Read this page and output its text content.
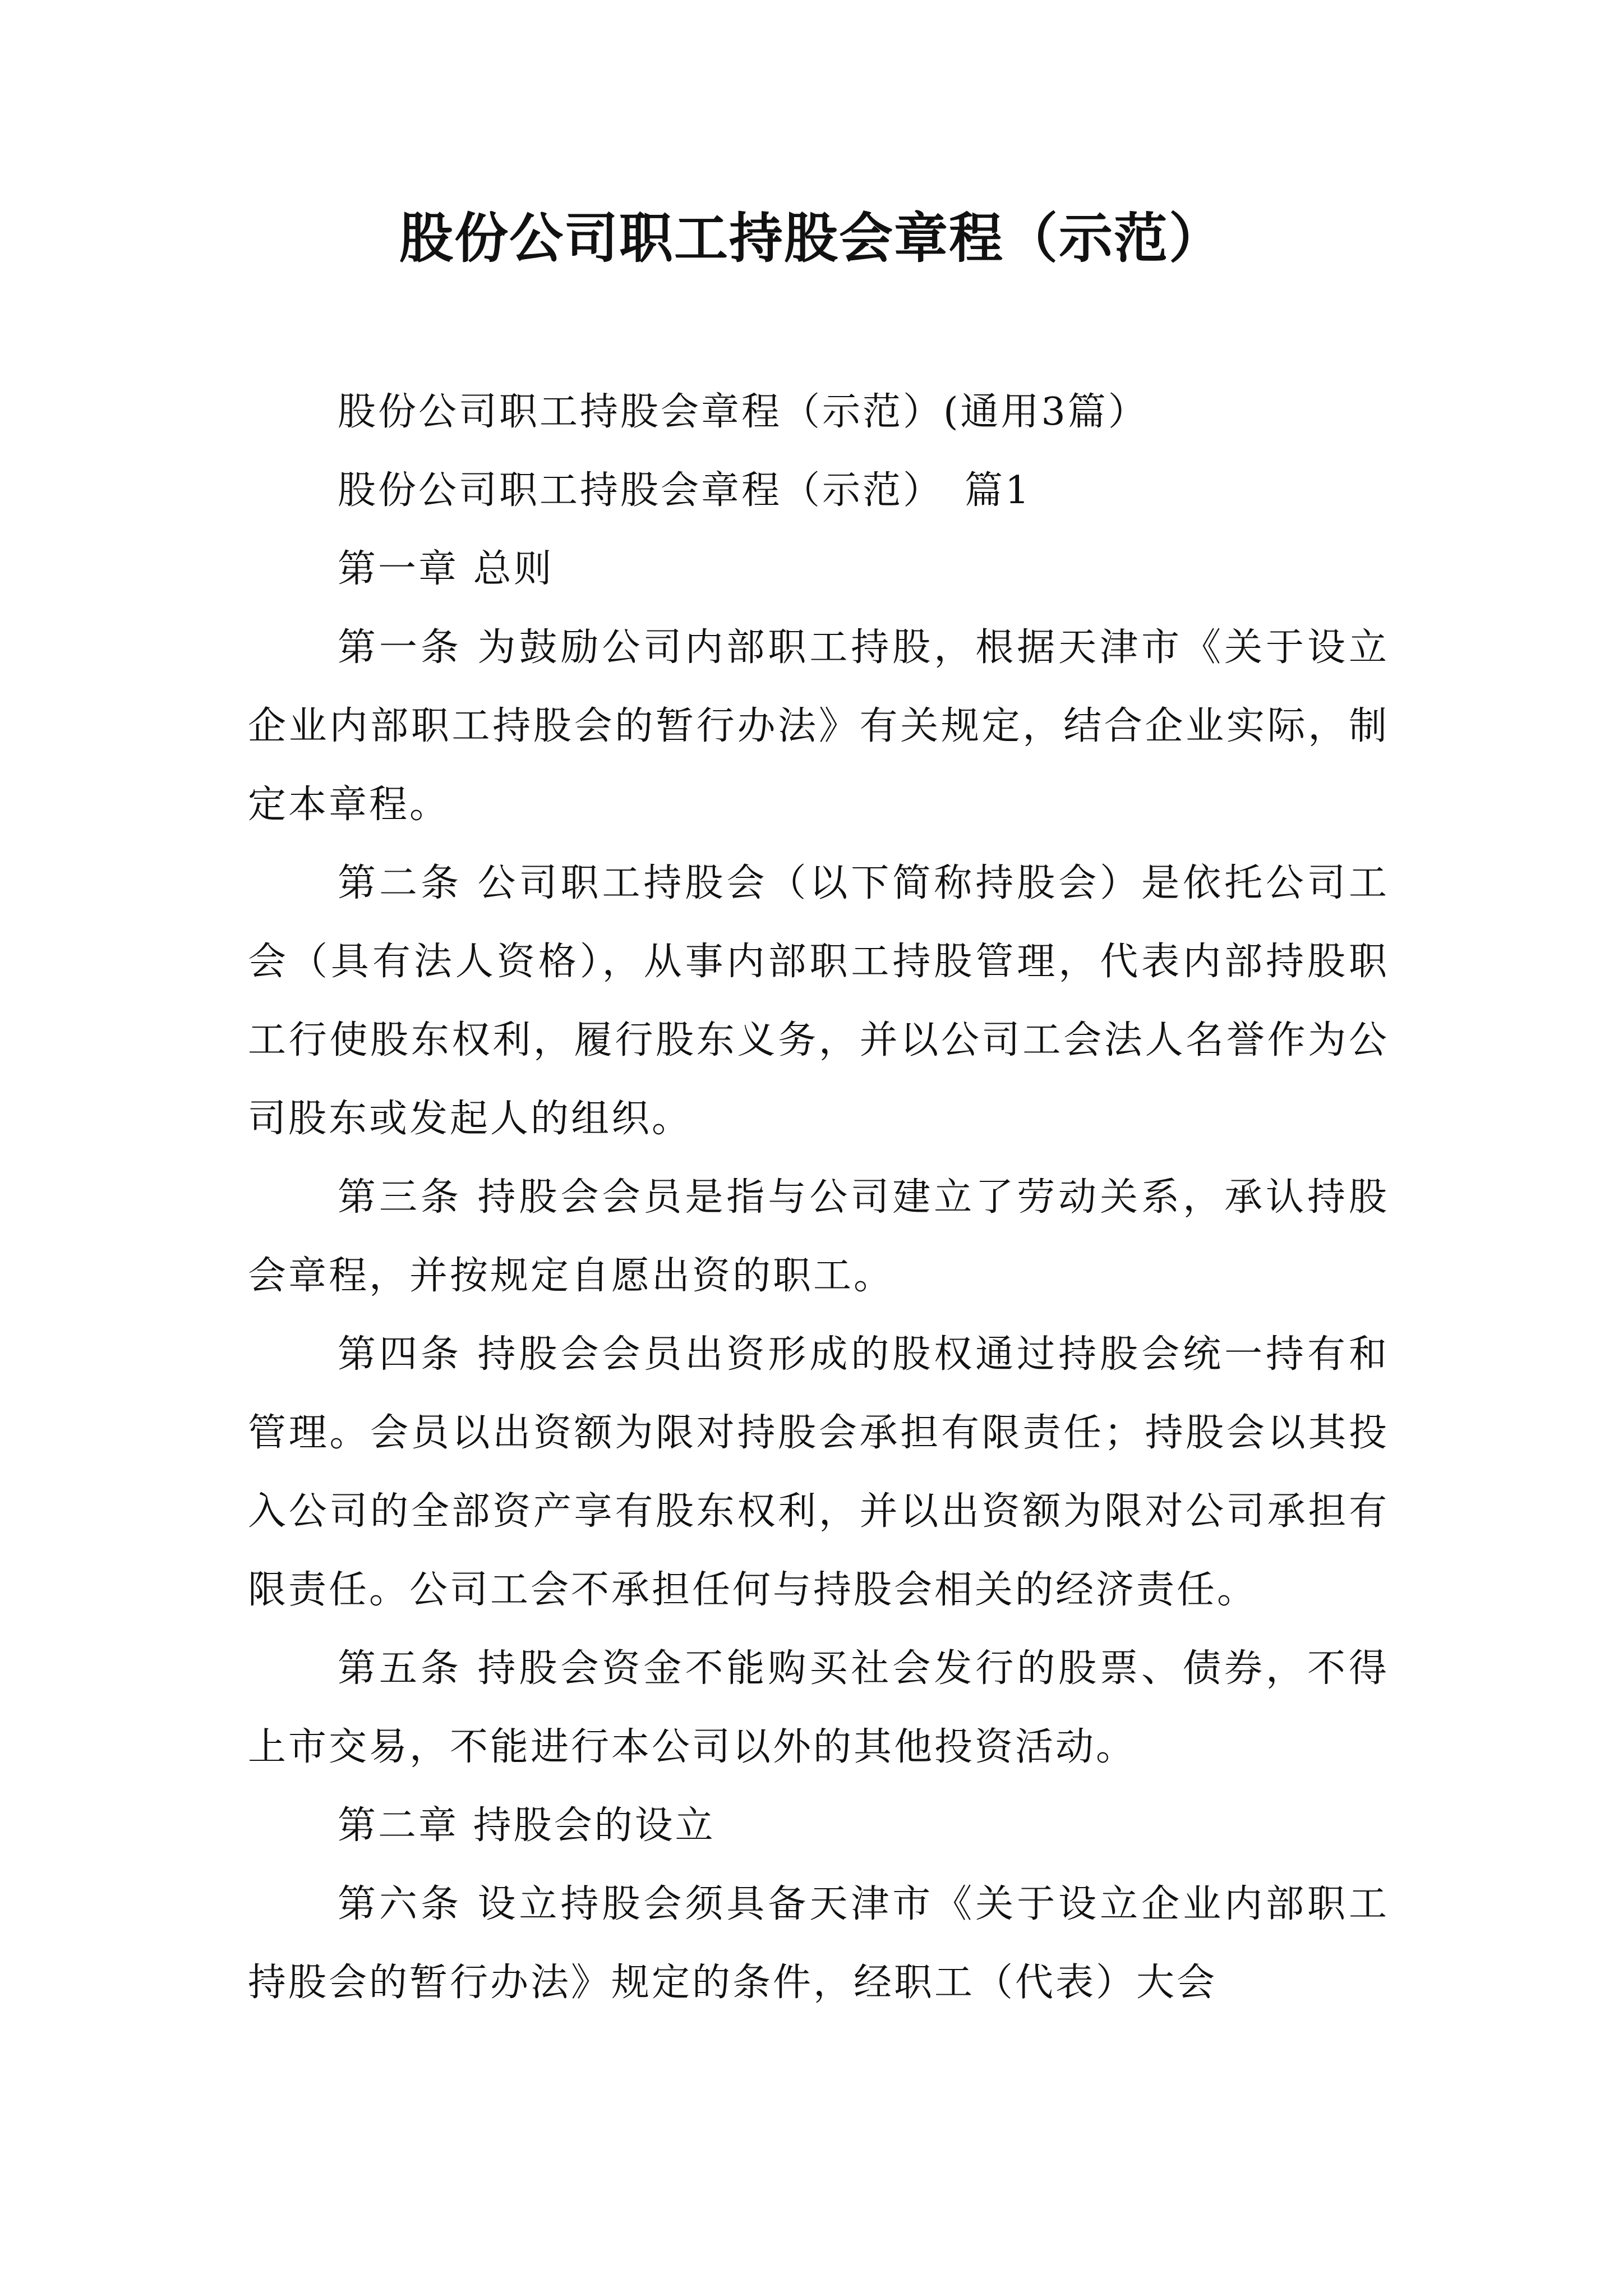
股份公司职工持股会章程（示范）

股份公司职工持股会章程（示范）(通用3篇）

股份公司职工持股会章程（示范）　篇1

第一章 总则

第一条 为鼓励公司内部职工持股，根据天津市《关于设立企业内部职工持股会的暂行办法》有关规定，结合企业实际，制定本章程。

第二条 公司职工持股会（以下简称持股会）是依托公司工会（具有法人资格），从事内部职工持股管理，代表内部持股职工行使股东权利，履行股东义务，并以公司工会法人名誉作为公司股东或发起人的组织。

第三条 持股会会员是指与公司建立了劳动关系，承认持股会章程，并按规定自愿出资的职工。

第四条 持股会会员出资形成的股权通过持股会统一持有和管理。会员以出资额为限对持股会承担有限责任；持股会以其投入公司的全部资产享有股东权利，并以出资额为限对公司承担有限责任。公司工会不承担任何与持股会相关的经济责任。

第五条 持股会资金不能购买社会发行的股票、债券，不得上市交易，不能进行本公司以外的其他投资活动。

第二章 持股会的设立

第六条 设立持股会须具备天津市《关于设立企业内部职工持股会的暂行办法》规定的条件，经职工（代表）大会
